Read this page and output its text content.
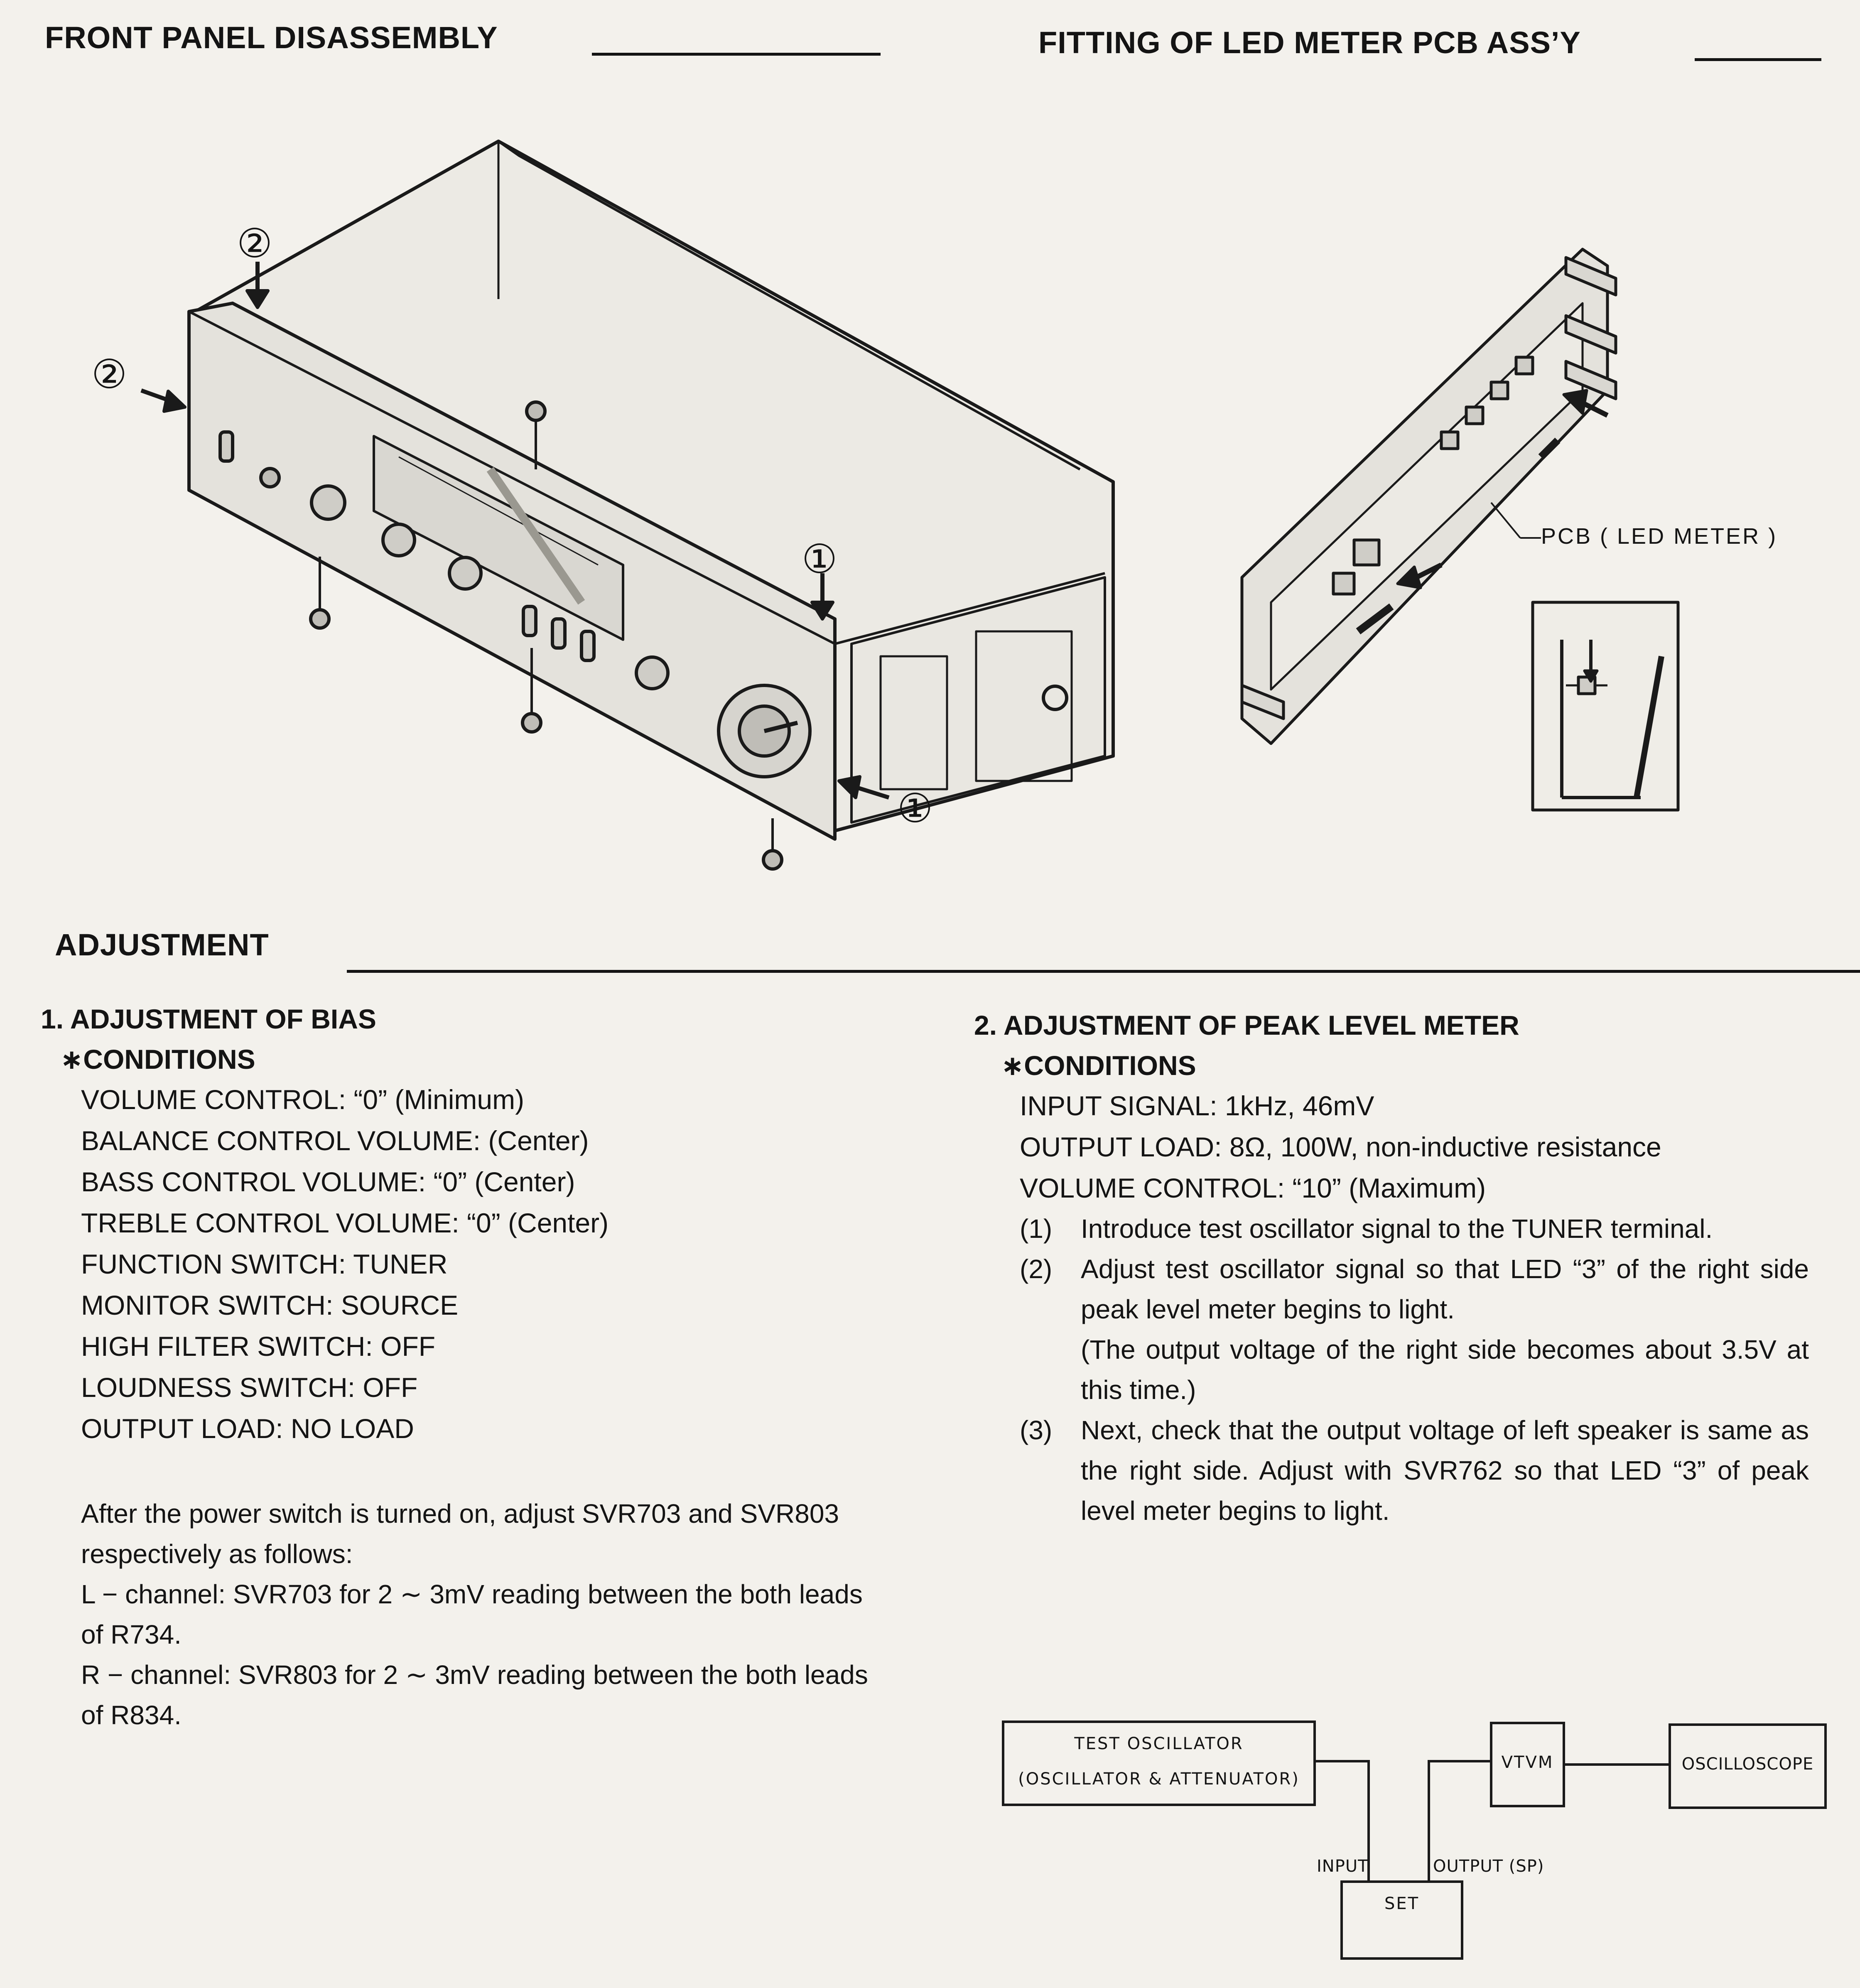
FRONT PANEL DISASSEMBLY	FITTING OF LED METER PCB ASS’Y
②
②
①
①
PCB ( LED METER )
ADJUSTMENT
1. ADJUSTMENT OF BIAS
∗CONDITIONS
VOLUME CONTROL: “0” (Minimum)
BALANCE CONTROL VOLUME: (Center)
BASS CONTROL VOLUME: “0” (Center)
TREBLE CONTROL VOLUME: “0” (Center)
FUNCTION SWITCH: TUNER
MONITOR SWITCH: SOURCE
HIGH FILTER SWITCH: OFF
LOUDNESS SWITCH: OFF
OUTPUT LOAD: NO LOAD
After the power switch is turned on, adjust SVR703 and SVR803 respectively as follows:
L − channel: SVR703 for 2 ∼ 3mV reading between the both leads of R734.
R − channel: SVR803 for 2 ∼ 3mV reading between the both leads of R834.
2. ADJUSTMENT OF PEAK LEVEL METER
∗CONDITIONS
INPUT SIGNAL: 1kHz, 46mV
OUTPUT LOAD: 8Ω, 100W, non-inductive resistance
VOLUME CONTROL: “10” (Maximum)
(1) Introduce test oscillator signal to the TUNER terminal.
(2) Adjust test oscillator signal so that LED “3” of the right side peak level meter begins to light.
(The output voltage of the right side becomes about 3.5V at this time.)
(3) Next, check that the output voltage of left speaker is same as the right side. Adjust with SVR762 so that LED “3” of peak level meter begins to light.
TEST OSCILLATOR
(OSCILLATOR & ATTENUATOR)
VTVM	OSCILLOSCOPE
INPUT	OUTPUT (SP)
SET
